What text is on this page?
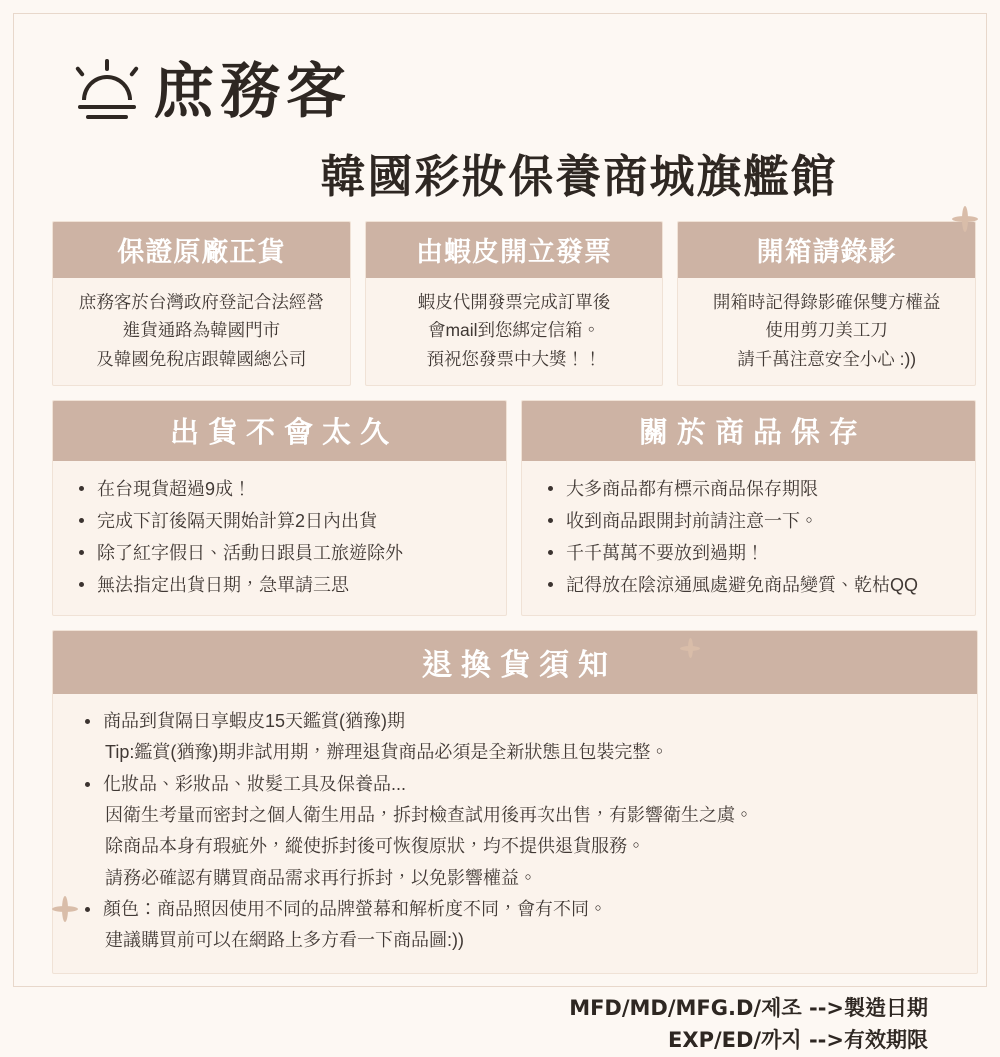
庶務客
韓國彩妝保養商城旗艦館
保證原廠正貨
庶務客於台灣政府登記合法經營
進貨通路為韓國門市
及韓國免稅店跟韓國總公司
由蝦皮開立發票
蝦皮代開發票完成訂單後
會mail到您綁定信箱。
預祝您發票中大獎！！
開箱請錄影
開箱時記得錄影確保雙方權益
使用剪刀美工刀
請千萬注意安全小心 :))
出貨不會太久
在台現貨超過9成！
完成下訂後隔天開始計算2日內出貨
除了紅字假日、活動日跟員工旅遊除外
無法指定出貨日期，急單請三思
關於商品保存
大多商品都有標示商品保存期限
收到商品跟開封前請注意一下。
千千萬萬不要放到過期！
記得放在陰涼通風處避免商品變質、乾枯QQ
退換貨須知
商品到貨隔日享蝦皮15天鑑賞(猶豫)期
Tip:鑑賞(猶豫)期非試用期，辦理退貨商品必須是全新狀態且包裝完整。
化妝品、彩妝品、妝髮工具及保養品...
因衛生考量而密封之個人衛生用品，拆封檢查試用後再次出售，有影響衛生之虞。
除商品本身有瑕疵外，縱使拆封後可恢復原狀，均不提供退貨服務。
請務必確認有購買商品需求再行拆封，以免影響權益。
顏色：商品照因使用不同的品牌螢幕和解析度不同，會有不同。
建議購買前可以在網路上多方看一下商品圖:))
MFD/MD/MFG.D/제조 -->製造日期
EXP/ED/까지 -->有效期限
